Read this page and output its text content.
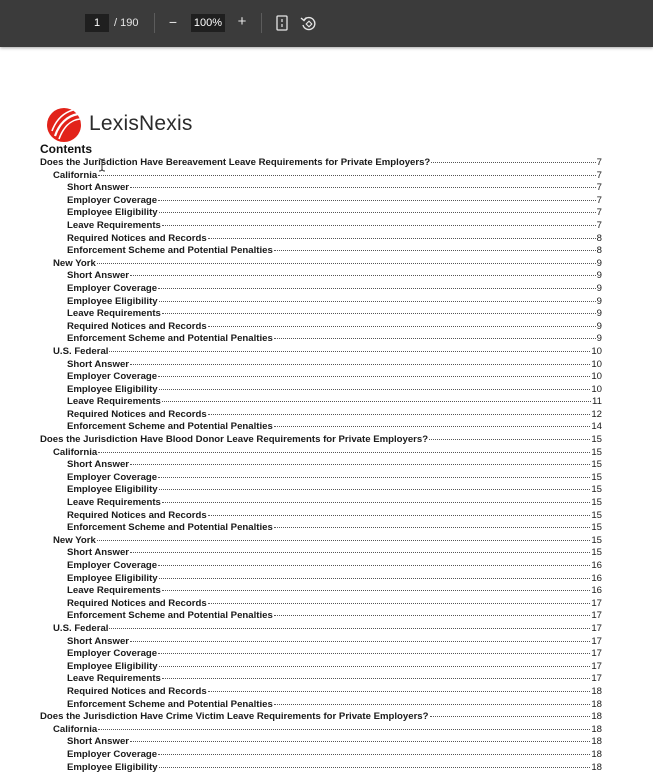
1	/ 190 − 100% +
LexisNexis
Contents
Does the Jurisdiction Have Bereavement Leave Requirements for Private Employers?	7
California	7
Short Answer	7
Employer Coverage	7
Employee Eligibility	7
Leave Requirements	7
Required Notices and Records	8
Enforcement Scheme and Potential Penalties	8
New York	9
Short Answer	9
Employer Coverage	9
Employee Eligibility	9
Leave Requirements	9
Required Notices and Records	9
Enforcement Scheme and Potential Penalties	9
U.S. Federal	10
Short Answer	10
Employer Coverage	10
Employee Eligibility	10
Leave Requirements	11
Required Notices and Records	12
Enforcement Scheme and Potential Penalties	14
Does the Jurisdiction Have Blood Donor Leave Requirements for Private Employers?	15
California	15
Short Answer	15
Employer Coverage	15
Employee Eligibility	15
Leave Requirements	15
Required Notices and Records	15
Enforcement Scheme and Potential Penalties	15
New York	15
Short Answer	15
Employer Coverage	16
Employee Eligibility	16
Leave Requirements	16
Required Notices and Records	17
Enforcement Scheme and Potential Penalties	17
U.S. Federal	17
Short Answer	17
Employer Coverage	17
Employee Eligibility	17
Leave Requirements	17
Required Notices and Records	18
Enforcement Scheme and Potential Penalties	18
Does the Jurisdiction Have Crime Victim Leave Requirements for Private Employers?	18
California	18
Short Answer	18
Employer Coverage	18
Employee Eligibility	18
